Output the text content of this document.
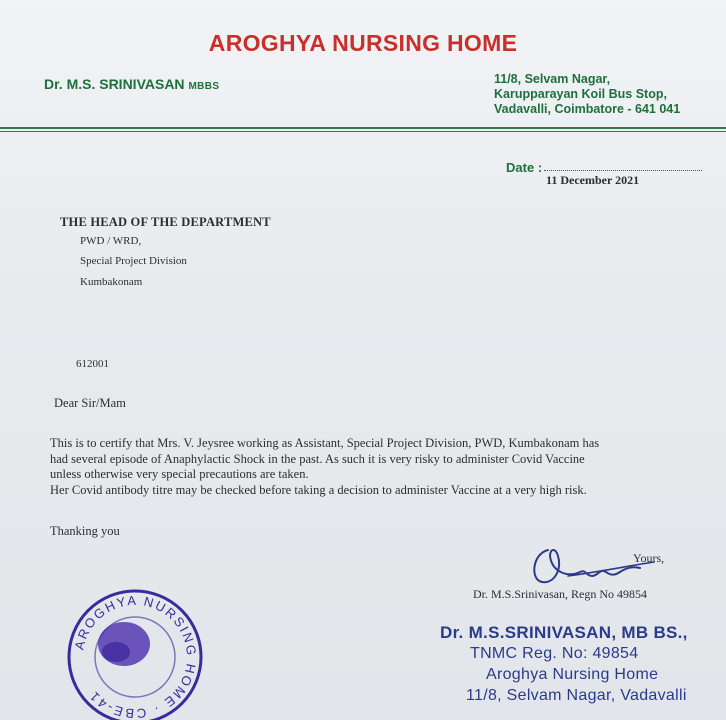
AROGHYA NURSING HOME
Dr. M.S. SRINIVASAN MBBS
11/8, Selvam Nagar,
Karupparayan Koil Bus Stop,
Vadavalli, Coimbatore - 641 041
Date :
11 December 2021
THE HEAD OF THE DEPARTMENT
PWD / WRD,
Special Project Division
Kumbakonam
612001
Dear Sir/Mam
This is to certify that Mrs. V. Jeysree working as Assistant, Special Project Division, PWD, Kumbakonam has
had several episode of Anaphylactic Shock in the past. As such it is very risky to administer Covid Vaccine
unless otherwise very special precautions are taken.
Her Covid antibody titre may be checked before taking a decision to administer Vaccine at a very high risk.
Thanking you
Yours,
Dr. M.S.Srinivasan, Regn No 49854
Dr. M.S.SRINIVASAN, MB BS.,
TNMC Reg. No: 49854
Aroghya Nursing Home
11/8, Selvam Nagar, Vadavalli
AROGHYA NURSING HOME · CBE-41
